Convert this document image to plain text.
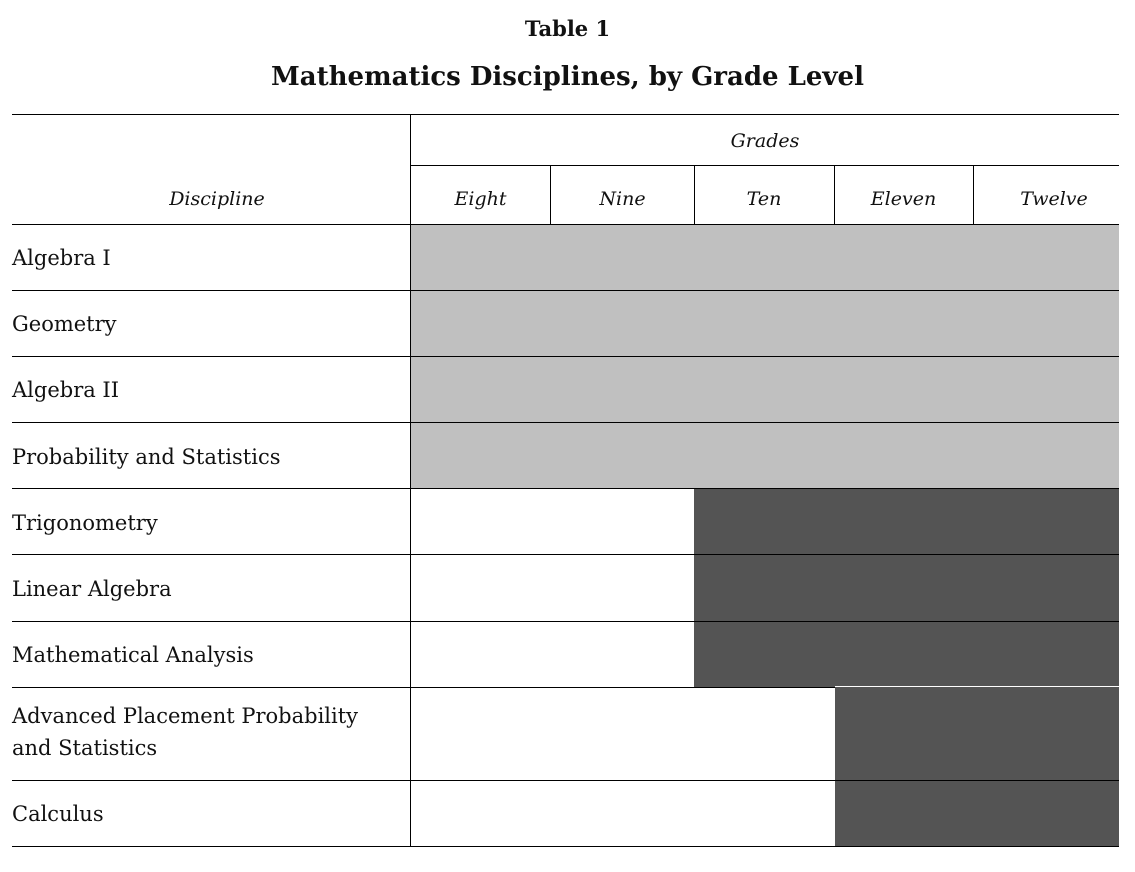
Table 1
Mathematics Disciplines, by Grade Level
Grades
Discipline	Eight	Nine	Ten	Eleven	Twelve
Algebra I
Geometry
Algebra II
Probability and Statistics
Trigonometry
Linear Algebra
Mathematical Analysis
Advanced Placement Probability
and Statistics
Calculus
